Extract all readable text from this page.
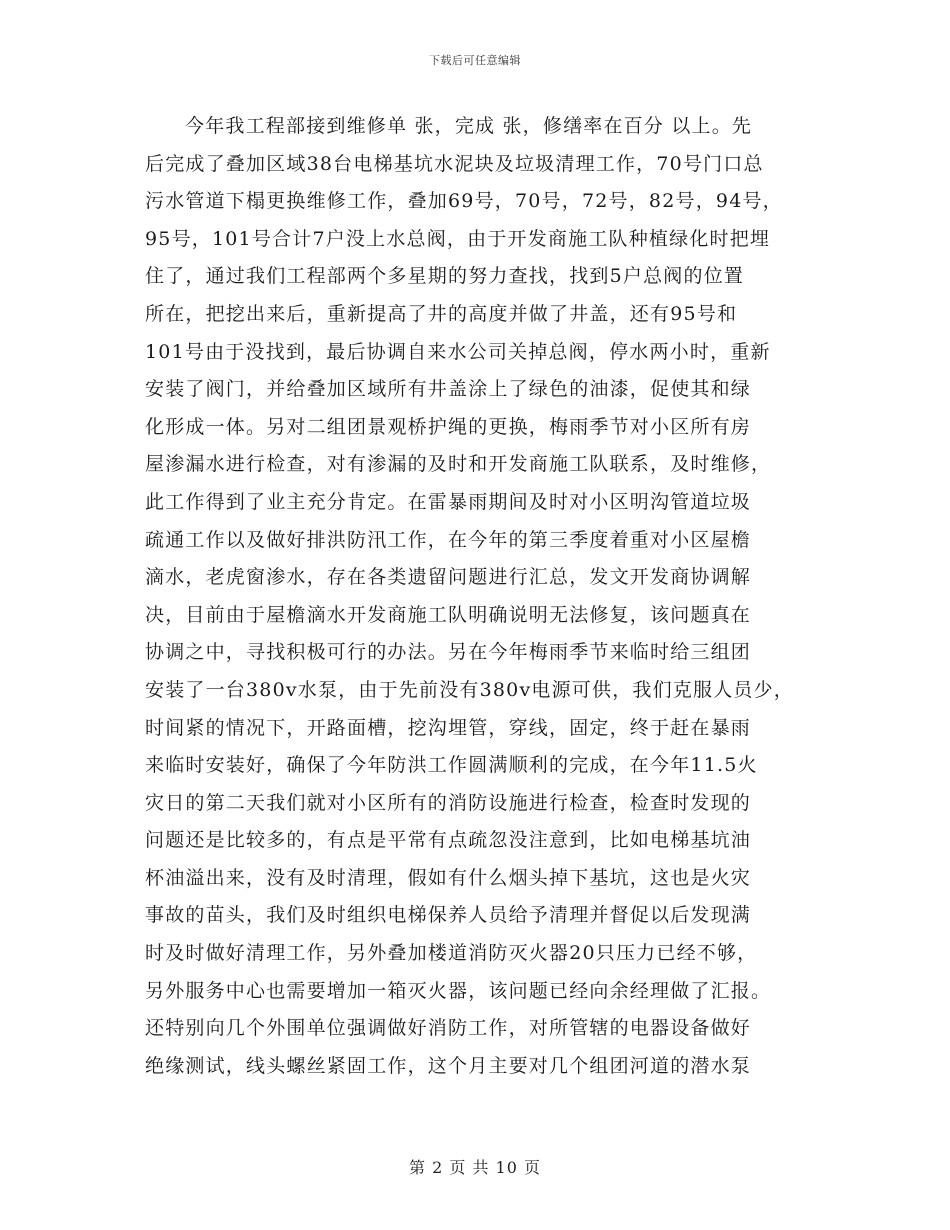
下载后可任意编辑
今年我工程部接到维修单 张，完成 张，修缮率在百分 以上。先
后完成了叠加区域38台电梯基坑水泥块及垃圾清理工作，70号门口总
污水管道下榻更换维修工作，叠加69号，70号，72号，82号，94号，
95号，101号合计7户没上水总阀，由于开发商施工队种植绿化时把埋
住了，通过我们工程部两个多星期的努力查找，找到5户总阀的位置
所在，把挖出来后，重新提高了井的高度并做了井盖，还有95号和
101号由于没找到，最后协调自来水公司关掉总阀，停水两小时，重新
安装了阀门，并给叠加区域所有井盖涂上了绿色的油漆，促使其和绿
化形成一体。另对二组团景观桥护绳的更换，梅雨季节对小区所有房
屋渗漏水进行检查，对有渗漏的及时和开发商施工队联系，及时维修，
此工作得到了业主充分肯定。在雷暴雨期间及时对小区明沟管道垃圾
疏通工作以及做好排洪防汛工作，在今年的第三季度着重对小区屋檐
滴水，老虎窗渗水，存在各类遗留问题进行汇总，发文开发商协调解
决，目前由于屋檐滴水开发商施工队明确说明无法修复，该问题真在
协调之中，寻找积极可行的办法。另在今年梅雨季节来临时给三组团
安装了一台380v水泵，由于先前没有380v电源可供，我们克服人员少，
时间紧的情况下，开路面槽，挖沟埋管，穿线，固定，终于赶在暴雨
来临时安装好，确保了今年防洪工作圆满顺利的完成，在今年11.5火
灾日的第二天我们就对小区所有的消防设施进行检查，检查时发现的
问题还是比较多的，有点是平常有点疏忽没注意到，比如电梯基坑油
杯油溢出来，没有及时清理，假如有什么烟头掉下基坑，这也是火灾
事故的苗头，我们及时组织电梯保养人员给予清理并督促以后发现满
时及时做好清理工作，另外叠加楼道消防灭火器20只压力已经不够，
另外服务中心也需要增加一箱灭火器，该问题已经向余经理做了汇报。
还特别向几个外围单位强调做好消防工作，对所管辖的电器设备做好
绝缘测试，线头螺丝紧固工作，这个月主要对几个组团河道的潜水泵
第 2 页 共 10 页
